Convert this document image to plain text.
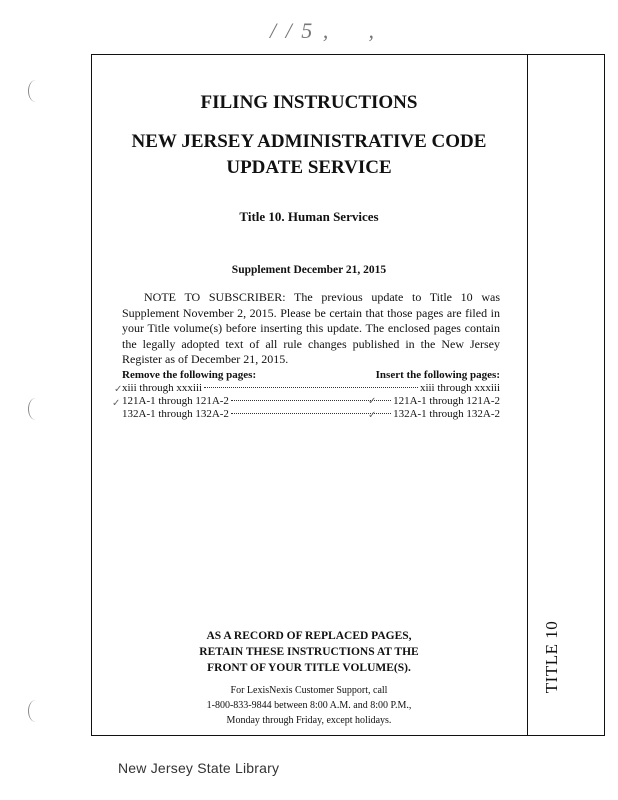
/ / 5 ‚     ,
TITLE 10
FILING INSTRUCTIONS
NEW JERSEY ADMINISTRATIVE CODE
UPDATE SERVICE
Title 10. Human Services
Supplement December 21, 2015
NOTE TO SUBSCRIBER: The previous update to Title 10 was Supplement November 2, 2015. Please be certain that those pages are filed in your Title volume(s) before inserting this update. The enclosed pages contain the legally adopted text of all rule changes published in the New Jersey Register as of December 21, 2015.
Remove the following pages:	Insert the following pages:
xiii through xxxiii	xiii through xxxiii
121A-1 through 121A-2	121A-1 through 121A-2
132A-1 through 132A-2	132A-1 through 132A-2
✓
✓	✓
✓
AS A RECORD OF REPLACED PAGES,
RETAIN THESE INSTRUCTIONS AT THE
FRONT OF YOUR TITLE VOLUME(S).
For LexisNexis Customer Support, call
1-800-833-9844 between 8:00 A.M. and 8:00 P.M.,
Monday through Friday, except holidays.
New Jersey State Library
